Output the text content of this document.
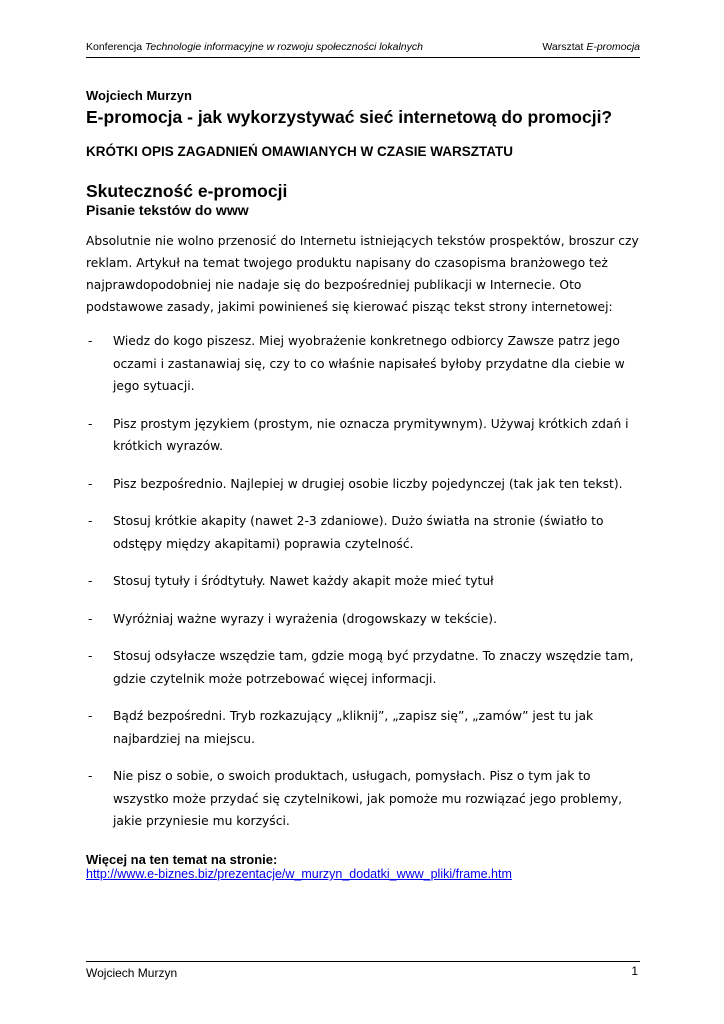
Konferencja Technologie informacyjne w rozwoju społeczności lokalnych	Warsztat E-promocja
Wojciech Murzyn
E-promocja - jak wykorzystywać sieć internetową do promocji?
KRÓTKI OPIS ZAGADNIEŃ OMAWIANYCH W CZASIE WARSZTATU
Skuteczność e-promocji
Pisanie tekstów do www
Absolutnie nie wolno przenosić do Internetu istniejących tekstów prospektów, broszur czy reklam. Artykuł na temat twojego produktu napisany do czasopisma branżowego też najprawdopodobniej nie nadaje się do bezpośredniej publikacji w Internecie. Oto podstawowe zasady, jakimi powinieneś się kierować pisząc tekst strony internetowej:
- Wiedz do kogo piszesz. Miej wyobrażenie konkretnego odbiorcy Zawsze patrz jego oczami i zastanawiaj się, czy to co właśnie napisałeś byłoby przydatne dla ciebie w jego sytuacji.
- Pisz prostym językiem (prostym, nie oznacza prymitywnym). Używaj krótkich zdań i krótkich wyrazów.
- Pisz bezpośrednio. Najlepiej w drugiej osobie liczby pojedynczej (tak jak ten tekst).
- Stosuj krótkie akapity (nawet 2-3 zdaniowe). Dużo światła na stronie (światło to odstępy między akapitami) poprawia czytelność.
- Stosuj tytuły i śródtytuły. Nawet każdy akapit może mieć tytuł
- Wyróżniaj ważne wyrazy i wyrażenia (drogowskazy w tekście).
- Stosuj odsyłacze wszędzie tam, gdzie mogą być przydatne. To znaczy wszędzie tam, gdzie czytelnik może potrzebować więcej informacji.
- Bądź bezpośredni. Tryb rozkazujący „kliknij”, „zapisz się”, „zamów” jest tu jak najbardziej na miejscu.
- Nie pisz o sobie, o swoich produktach, usługach, pomysłach. Pisz o tym jak to wszystko może przydać się czytelnikowi, jak pomoże mu rozwiązać jego problemy, jakie przyniesie mu korzyści.
Więcej na ten temat na stronie:
http://www.e-biznes.biz/prezentacje/w_murzyn_dodatki_www_pliki/frame.htm
Wojciech Murzyn	1
